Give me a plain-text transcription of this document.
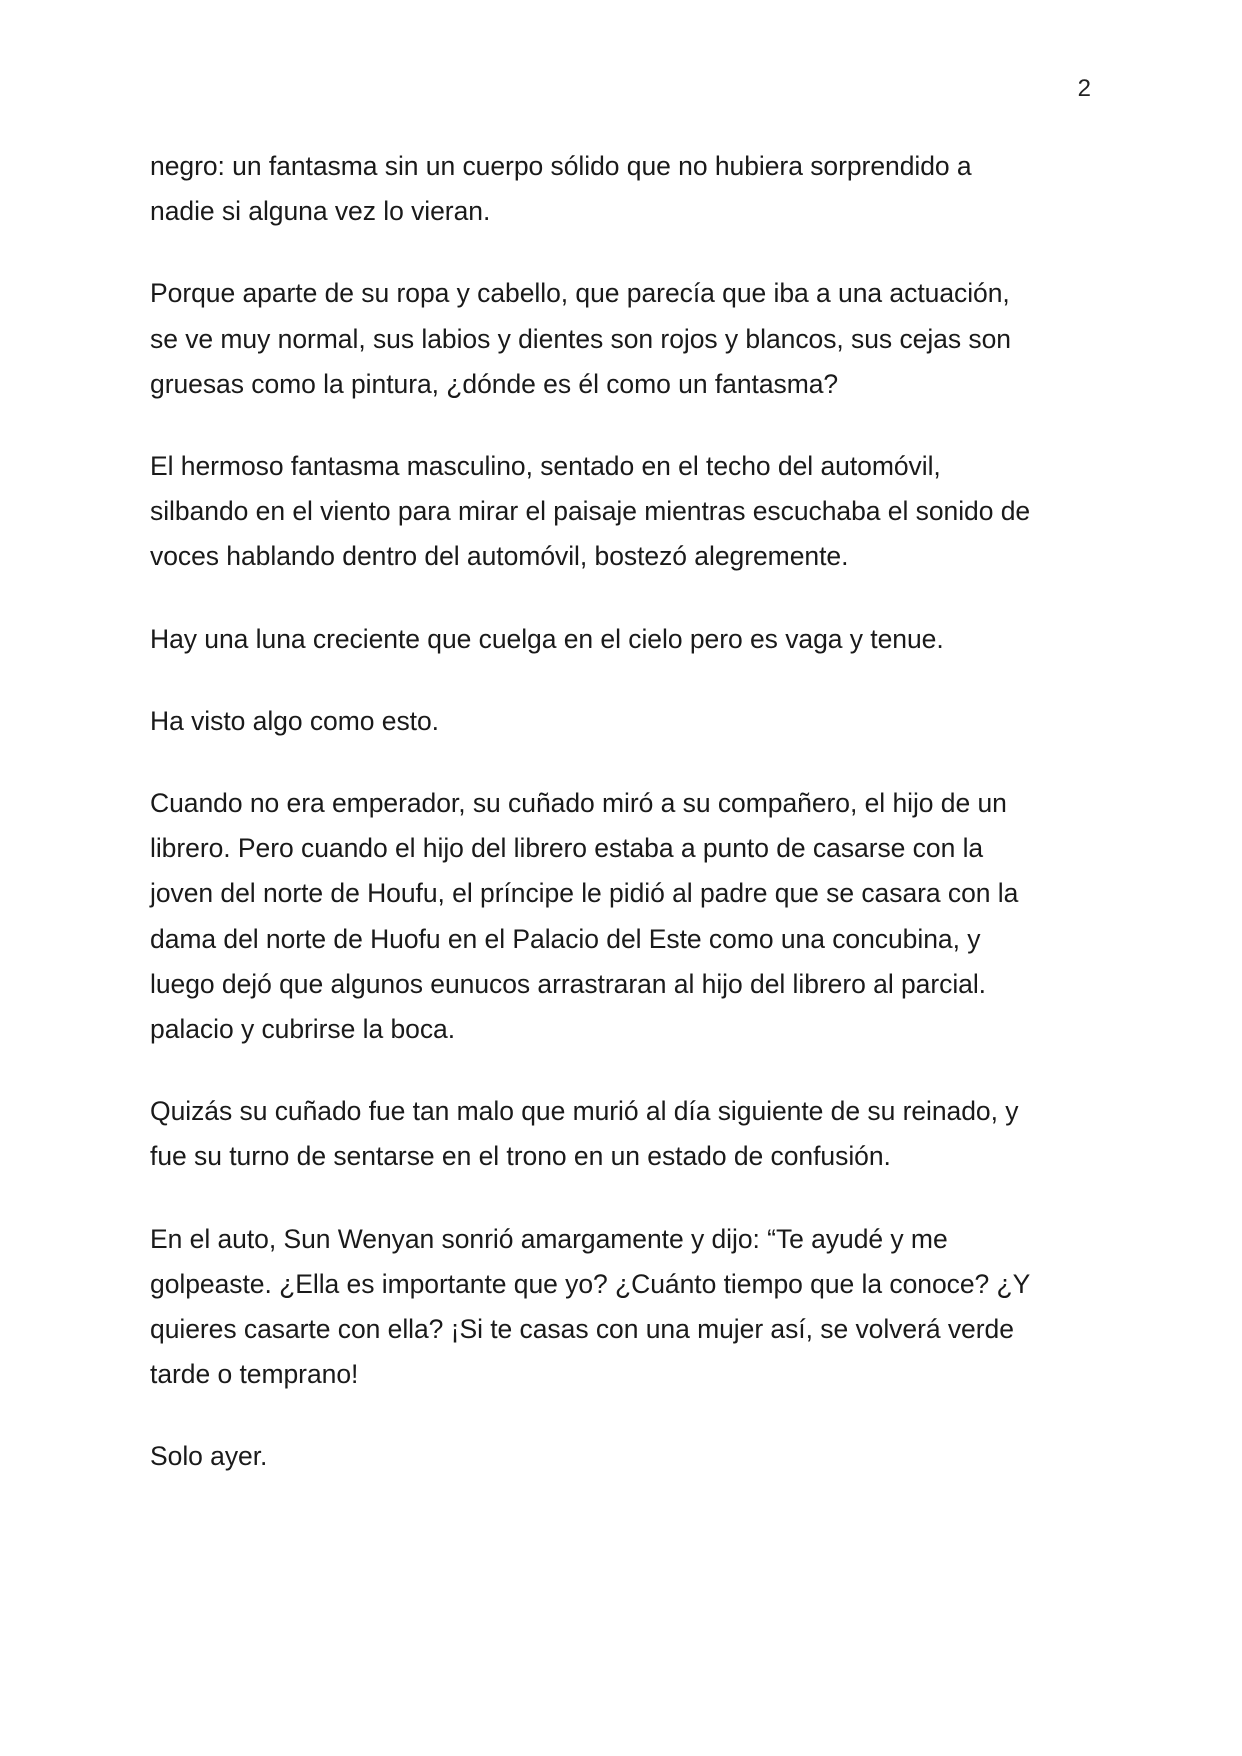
2

negro: un fantasma sin un cuerpo sólido que no hubiera sorprendido a
nadie si alguna vez lo vieran.

Porque aparte de su ropa y cabello, que parecía que iba a una actuación,
se ve muy normal, sus labios y dientes son rojos y blancos, sus cejas son
gruesas como la pintura, ¿dónde es él como un fantasma?

El hermoso fantasma masculino, sentado en el techo del automóvil,
silbando en el viento para mirar el paisaje mientras escuchaba el sonido de
voces hablando dentro del automóvil, bostezó alegremente.

Hay una luna creciente que cuelga en el cielo pero es vaga y tenue.

Ha visto algo como esto.

Cuando no era emperador, su cuñado miró a su compañero, el hijo de un
librero. Pero cuando el hijo del librero estaba a punto de casarse con la
joven del norte de Houfu, el príncipe le pidió al padre que se casara con la
dama del norte de Huofu en el Palacio del Este como una concubina, y
luego dejó que algunos eunucos arrastraran al hijo del librero al parcial.
palacio y cubrirse la boca.

Quizás su cuñado fue tan malo que murió al día siguiente de su reinado, y
fue su turno de sentarse en el trono en un estado de confusión.

En el auto, Sun Wenyan sonrió amargamente y dijo: “Te ayudé y me
golpeaste. ¿Ella es importante que yo? ¿Cuánto tiempo que la conoce? ¿Y
quieres casarte con ella? ¡Si te casas con una mujer así, se volverá verde
tarde o temprano!

Solo ayer.
